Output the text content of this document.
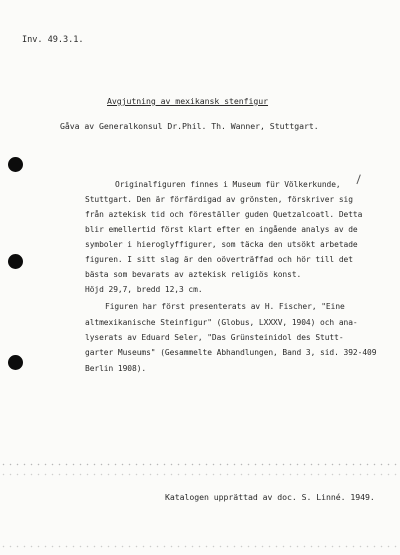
Inv. 49.3.1.
Avgjutning av mexikansk stenfigur
Gåva av Generalkonsul Dr.Phil. Th. Wanner, Stuttgart.
Originalfiguren finnes i Museum für Völkerkunde,
Stuttgart. Den är förfärdigad av grönsten, förskriver sig
från aztekisk tid och föreställer guden Quetzalcoatl. Detta
blir emellertid först klart efter en ingående analys av de
symboler i hieroglyffigurer, som täcka den utsökt arbetade
figuren. I sitt slag är den oöverträffad och hör till det
bästa som bevarats av aztekisk religiös konst.
Höjd 29,7, bredd 12,3 cm.
Figuren har först presenterats av H. Fischer, "Eine
altmexikanische Steinfigur" (Globus, LXXXV, 1904) och ana-
lyserats av Eduard Seler, "Das Grünsteinidol des Stutt-
garter Museums" (Gesammelte Abhandlungen, Band 3, sid. 392-409
Berlin 1908).
Katalogen upprättad av doc. S. Linné. 1949.
